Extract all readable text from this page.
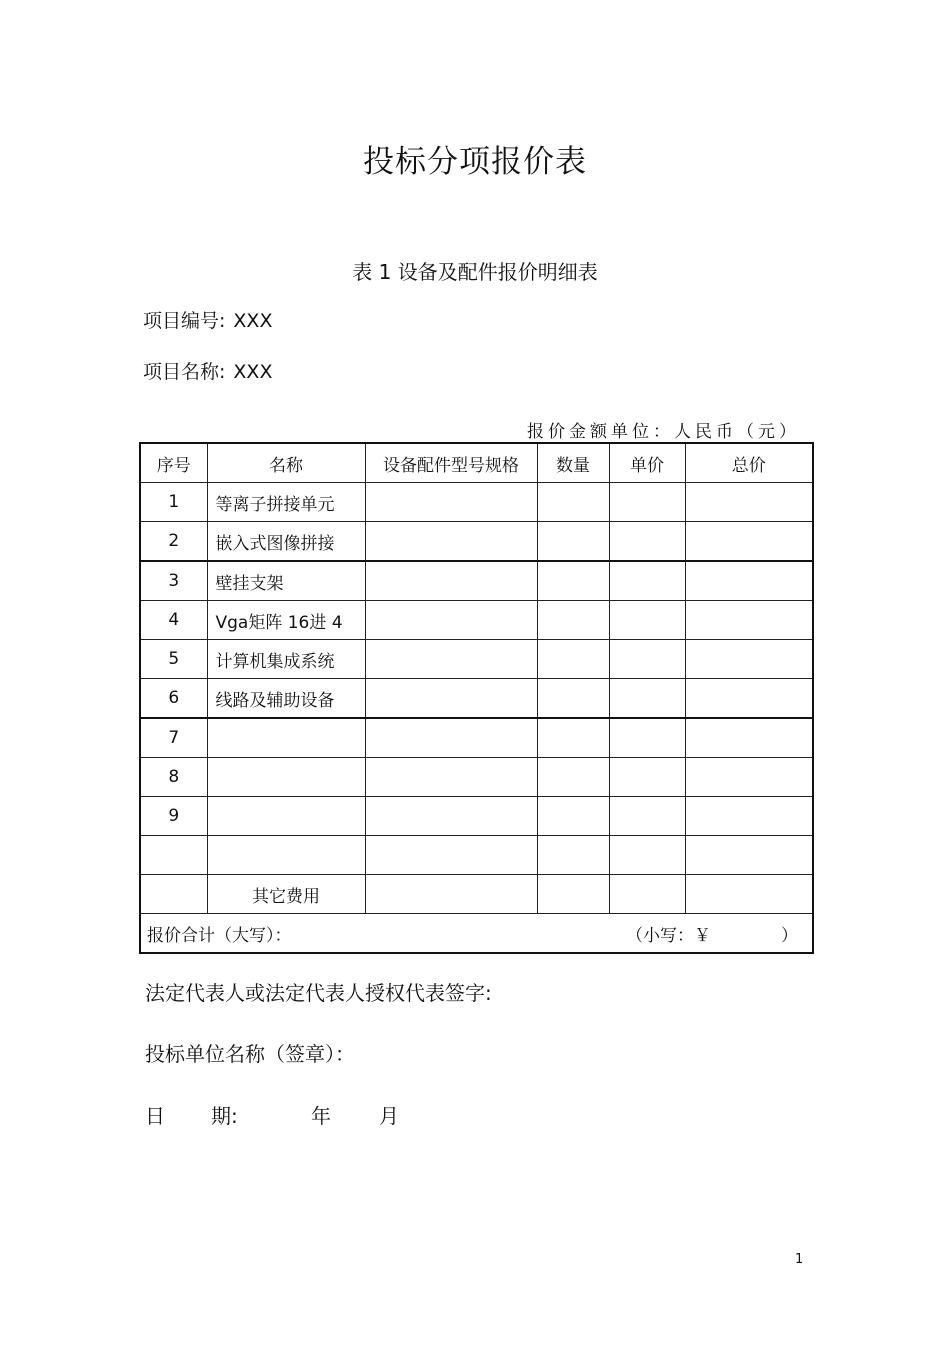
投标分项报价表
表 1 设备及配件报价明细表
项目编号: XXX
项目名称: XXX
报价金额单位：人民币（元）
序号	名称	设备配件型号规格	数量	单价	总价
1	等离子拼接单元				
2	嵌入式图像拼接				
3	壁挂支架				
4	Vga矩阵 16进 4				
5	计算机集成系统				
6	线路及辅助设备				
7					
8					
9					

	其它费用				

报价合计（大写）： （小写：￥ ）					
法定代表人或法定代表人授权代表签字:
投标单位名称（签章）：
日	期:	年	月
1
